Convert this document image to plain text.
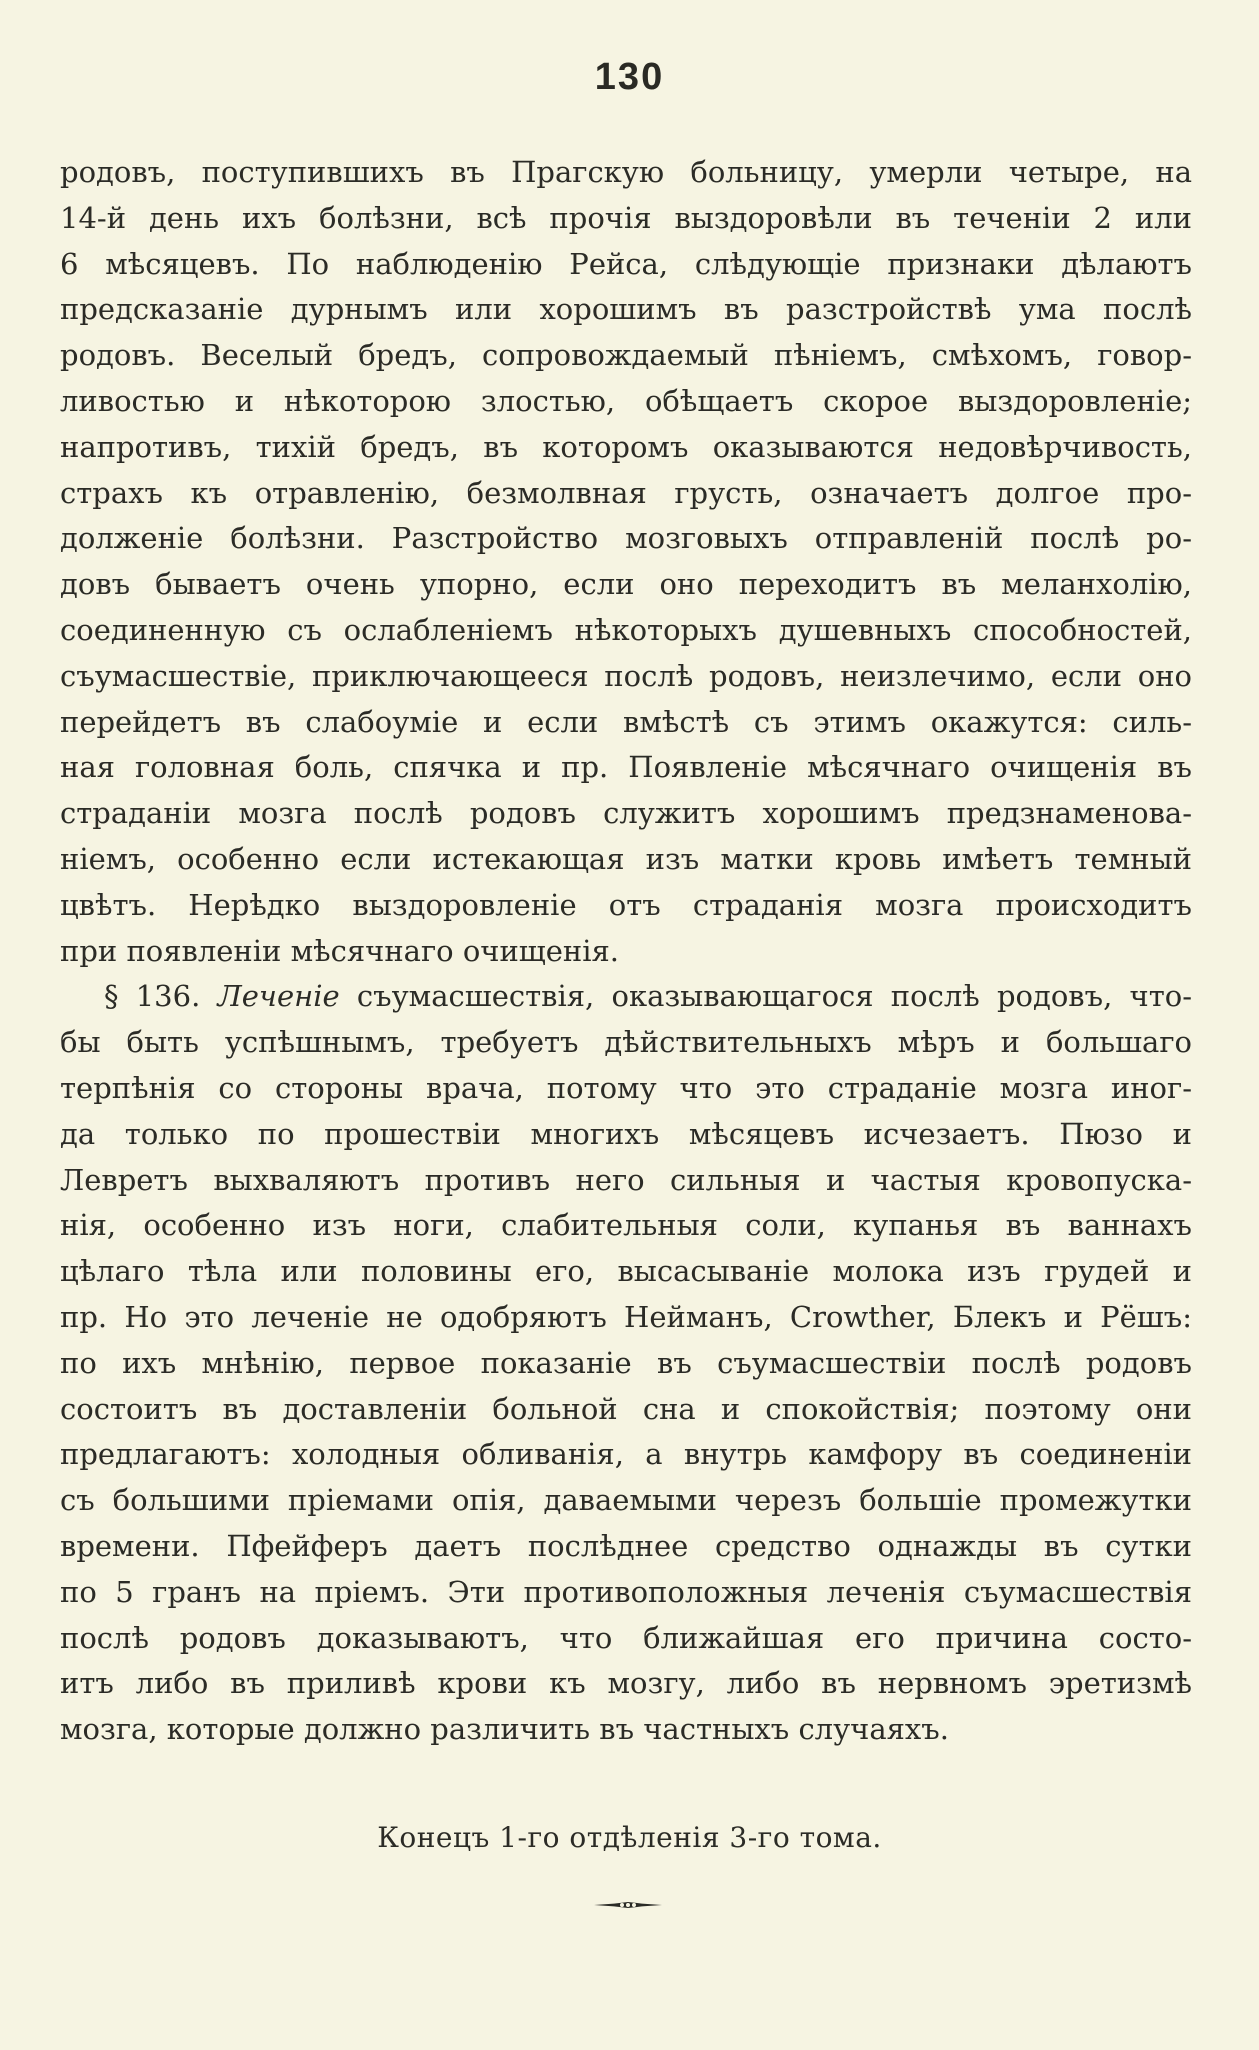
130
родовъ, поступившихъ въ Прагскую больницу, умерли четыре, на
14-й день ихъ болѣзни, всѣ прочія выздоровѣли въ теченіи 2 или
6 мѣсяцевъ. По наблюденію Рейса, слѣдующіе признаки дѣлаютъ
предсказаніе дурнымъ или хорошимъ въ разстройствѣ ума послѣ
родовъ. Веселый бредъ, сопровождаемый пѣніемъ, смѣхомъ, говор-
ливостью и нѣкоторою злостью, обѣщаетъ скорое выздоровленіе;
напротивъ, тихій бредъ, въ которомъ оказываются недовѣрчивость,
страхъ къ отравленію, безмолвная грусть, означаетъ долгое про-
долженіе болѣзни. Разстройство мозговыхъ отправленій послѣ ро-
довъ бываетъ очень упорно, если оно переходитъ въ меланхолію,
соединенную съ ослабленіемъ нѣкоторыхъ душевныхъ способностей,
съумасшествіе, приключающееся послѣ родовъ, неизлечимо, если оно
перейдетъ въ слабоуміе и если вмѣстѣ съ этимъ окажутся: силь-
ная головная боль, спячка и пр. Появленіе мѣсячнаго очищенія въ
страданіи мозга послѣ родовъ служитъ хорошимъ предзнаменова-
ніемъ, особенно если истекающая изъ матки кровь имѣетъ темный
цвѣтъ. Нерѣдко выздоровленіе отъ страданія мозга происходитъ
при появленіи мѣсячнаго очищенія.
§ 136. Леченіе съумасшествія, оказывающагося послѣ родовъ, что-
бы быть успѣшнымъ, требуетъ дѣйствительныхъ мѣръ и большаго
терпѣнія со стороны врача, потому что это страданіе мозга иног-
да только по прошествіи многихъ мѣсяцевъ исчезаетъ. Пюзо и
Левретъ выхваляютъ противъ него сильныя и частыя кровопуска-
нія, особенно изъ ноги, слабительныя соли, купанья въ ваннахъ
цѣлаго тѣла или половины его, высасываніе молока изъ грудей и
пр. Но это леченіе не одобряютъ Нейманъ, Crowther, Блекъ и Рёшъ:
по ихъ мнѣнію, первое показаніе въ съумасшествіи послѣ родовъ
состоитъ въ доставленіи больной сна и спокойствія; поэтому они
предлагаютъ: холодныя обливанія, а внутрь камфору въ соединеніи
съ большими пріемами опія, даваемыми черезъ большіе промежутки
времени. Пфейферъ даетъ послѣднее средство однажды въ сутки
по 5 гранъ на пріемъ. Эти противоположныя леченія съумасшествія
послѣ родовъ доказываютъ, что ближайшая его причина состо-
итъ либо въ приливѣ крови къ мозгу, либо въ нервномъ эретизмѣ
мозга, которые должно различить въ частныхъ случаяхъ.
Конецъ 1-го отдѣленія 3-го тома.
